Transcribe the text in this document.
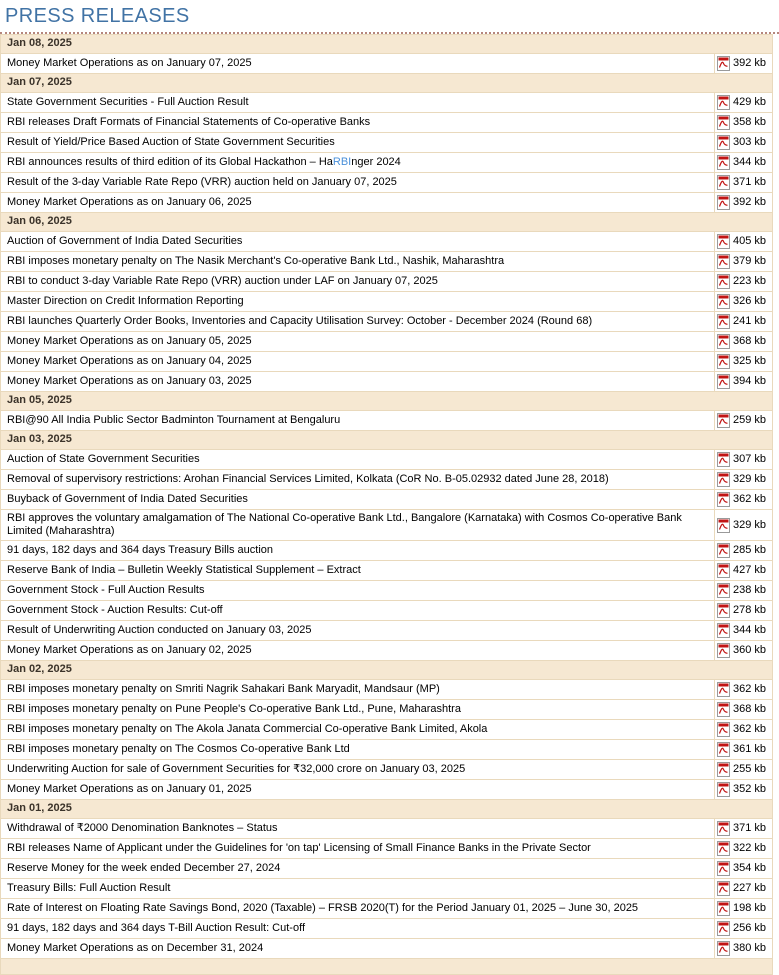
PRESS RELEASES
Jan 08, 2025	
Money Market Operations as on January 07, 2025	392 kb

Jan 07, 2025	
State Government Securities - Full Auction Result	429 kb

RBI releases Draft Formats of Financial Statements of Co-operative Banks	358 kb

Result of Yield/Price Based Auction of State Government Securities	303 kb

RBI announces results of third edition of its Global Hackathon – HaRBInger 2024	344 kb

Result of the 3-day Variable Rate Repo (VRR) auction held on January 07, 2025	371 kb

Money Market Operations as on January 06, 2025	392 kb

Jan 06, 2025	
Auction of Government of India Dated Securities	405 kb

RBI imposes monetary penalty on The Nasik Merchant's Co-operative Bank Ltd., Nashik, Maharashtra	379 kb

RBI to conduct 3-day Variable Rate Repo (VRR) auction under LAF on January 07, 2025	223 kb

Master Direction on Credit Information Reporting	326 kb

RBI launches Quarterly Order Books, Inventories and Capacity Utilisation Survey: October - December 2024 (Round 68)	241 kb

Money Market Operations as on January 05, 2025	368 kb

Money Market Operations as on January 04, 2025	325 kb

Money Market Operations as on January 03, 2025	394 kb

Jan 05, 2025	
RBI@90 All India Public Sector Badminton Tournament at Bengaluru	259 kb

Jan 03, 2025	
Auction of State Government Securities	307 kb

Removal of supervisory restrictions: Arohan Financial Services Limited, Kolkata (CoR No. B-05.02932 dated June 28, 2018)	329 kb

Buyback of Government of India Dated Securities	362 kb

RBI approves the voluntary amalgamation of The National Co-operative Bank Ltd., Bangalore (Karnataka) with Cosmos Co-operative Bank Limited (Maharashtra)	329 kb

91 days, 182 days and 364 days Treasury Bills auction	285 kb

Reserve Bank of India – Bulletin Weekly Statistical Supplement – Extract	427 kb

Government Stock - Full Auction Results	238 kb

Government Stock - Auction Results: Cut-off	278 kb

Result of Underwriting Auction conducted on January 03, 2025	344 kb

Money Market Operations as on January 02, 2025	360 kb

Jan 02, 2025	
RBI imposes monetary penalty on Smriti Nagrik Sahakari Bank Maryadit, Mandsaur (MP)	362 kb

RBI imposes monetary penalty on Pune People's Co-operative Bank Ltd., Pune, Maharashtra	368 kb

RBI imposes monetary penalty on The Akola Janata Commercial Co-operative Bank Limited, Akola	362 kb

RBI imposes monetary penalty on The Cosmos Co-operative Bank Ltd	361 kb

Underwriting Auction for sale of Government Securities for ₹32,000 crore on January 03, 2025	255 kb

Money Market Operations as on January 01, 2025	352 kb

Jan 01, 2025	
Withdrawal of ₹2000 Denomination Banknotes – Status	371 kb

RBI releases Name of Applicant under the Guidelines for 'on tap' Licensing of Small Finance Banks in the Private Sector	322 kb

Reserve Money for the week ended December 27, 2024	354 kb

Treasury Bills: Full Auction Result	227 kb

Rate of Interest on Floating Rate Savings Bond, 2020 (Taxable) – FRSB 2020(T) for the Period January 01, 2025 – June 30, 2025	198 kb

91 days, 182 days and 364 days T-Bill Auction Result: Cut-off	256 kb

Money Market Operations as on December 31, 2024	380 kb
